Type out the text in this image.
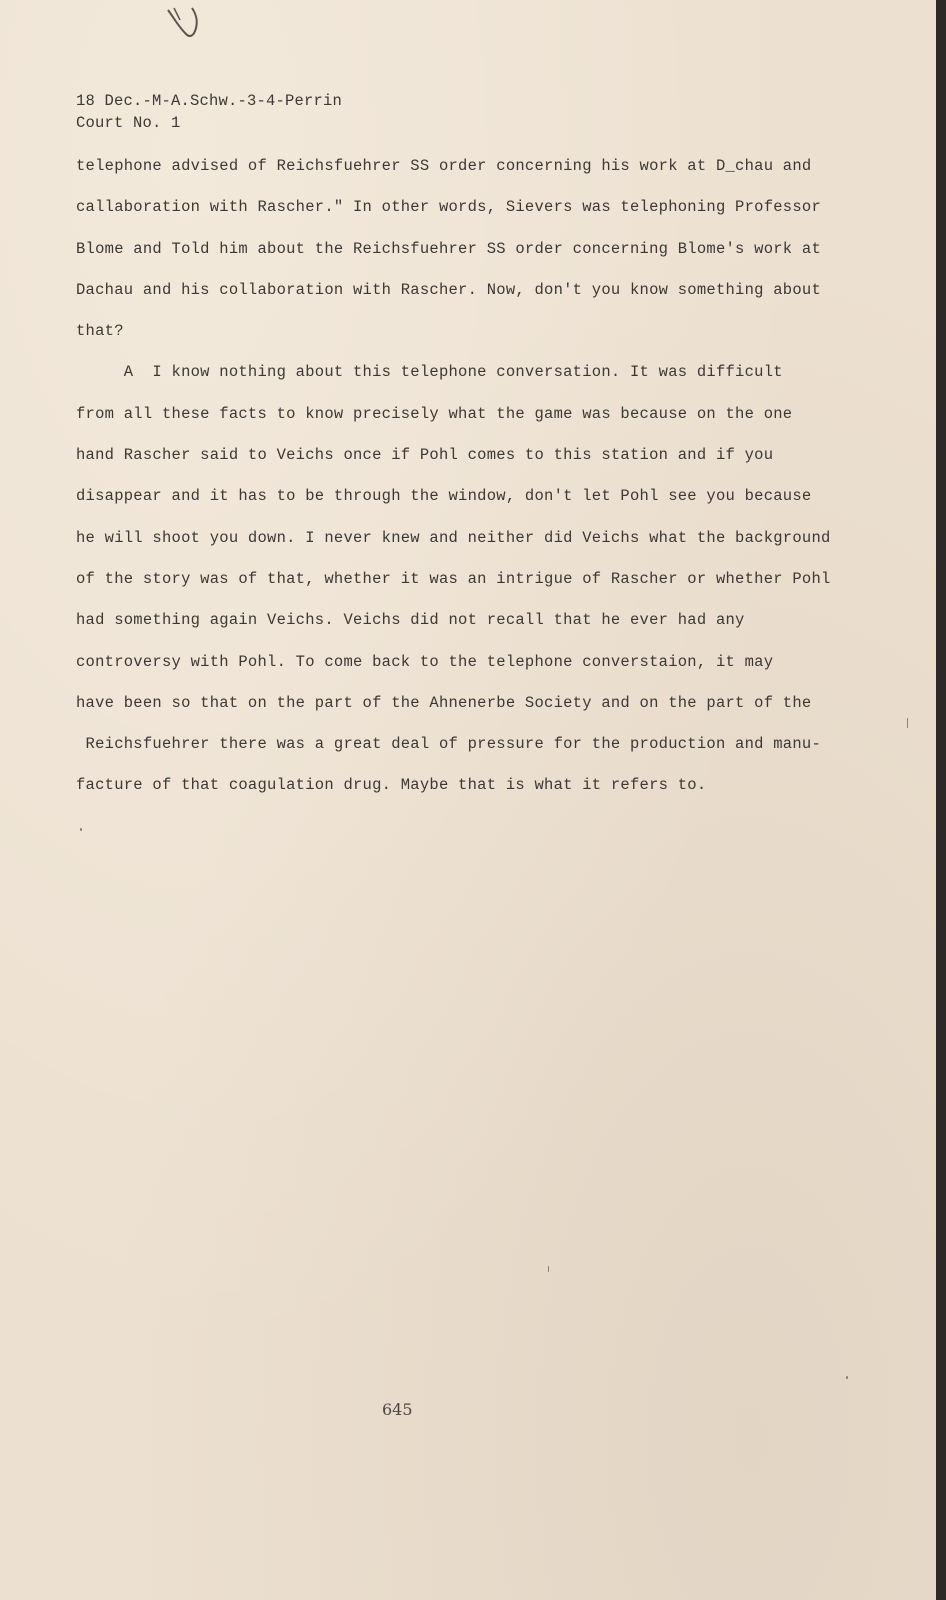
18 Dec.-M-A.Schw.-3-4-Perrin
Court No. 1
telephone advised of Reichsfuehrer SS order concerning his work at D_chau and
callaboration with Rascher." In other words, Sievers was telephoning Professor
Blome and Told him about the Reichsfuehrer SS order concerning Blome's work at
Dachau and his collaboration with Rascher. Now, don't you know something about
that?
A  I know nothing about this telephone conversation. It was difficult
from all these facts to know precisely what the game was because on the one
hand Rascher said to Veichs once if Pohl comes to this station and if you
disappear and it has to be through the window, don't let Pohl see you because
he will shoot you down. I never knew and neither did Veichs what the background
of the story was of that, whether it was an intrigue of Rascher or whether Pohl
had something again Veichs. Veichs did not recall that he ever had any
controversy with Pohl. To come back to the telephone converstaion, it may
have been so that on the part of the Ahnenerbe Society and on the part of the
Reichsfuehrer there was a great deal of pressure for the production and manu-
facture of that coagulation drug. Maybe that is what it refers to.
645
